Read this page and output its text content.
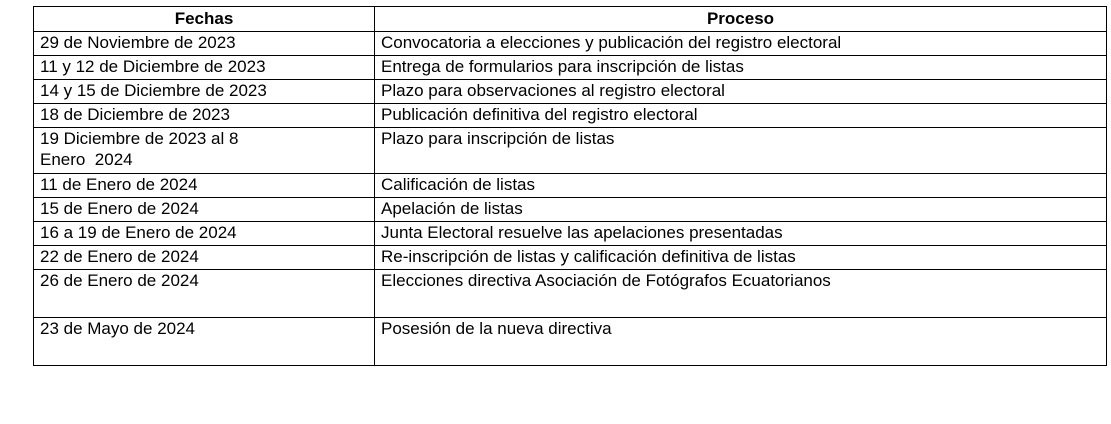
Fechas	Proceso
29 de Noviembre de 2023	Convocatoria a elecciones y publicación del registro electoral
11 y 12 de Diciembre de 2023	Entrega de formularios para inscripción de listas
14 y 15 de Diciembre de 2023	Plazo para observaciones al registro electoral
18 de Diciembre de 2023	Publicación definitiva del registro electoral

19 Diciembre de 2023 al 8
Enero  2024	Plazo para inscripción de listas
11 de Enero de 2024	Calificación de listas
15 de Enero de 2024	Apelación de listas
16 a 19 de Enero de 2024	Junta Electoral resuelve las apelaciones presentadas
22 de Enero de 2024	Re-inscripción de listas y calificación definitiva de listas
26 de Enero de 2024	Elecciones directiva Asociación de Fotógrafos Ecuatorianos
23 de Mayo de 2024	Posesión de la nueva directiva
